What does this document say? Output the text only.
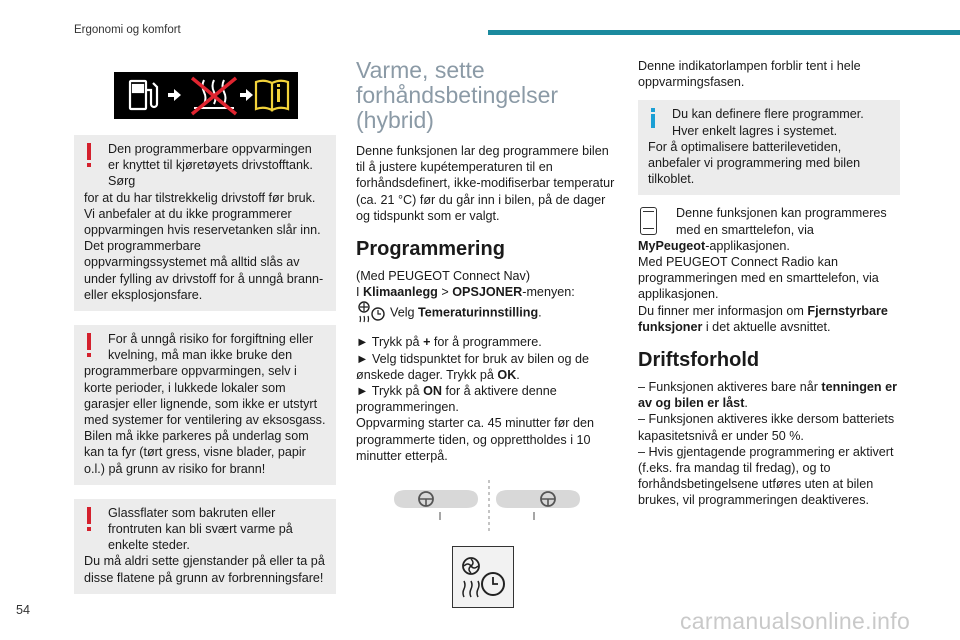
Ergonomi og komfort

Den programmerbare oppvarmingen er knyttet til kjøretøyets drivstofftank. Sørg

for at du har tilstrekkelig drivstoff før bruk. Vi anbefaler at du ikke programmerer oppvarmingen hvis reservetanken slår inn. Det programmerbare oppvarmingssystemet må alltid slås av under fylling av drivstoff for å unngå brann- eller eksplosjonsfare.

For å unngå risiko for forgiftning eller kvelning, må man ikke bruke den

programmerbare oppvarmingen, selv i korte perioder, i lukkede lokaler som garasjer eller lignende, som ikke er utstyrt med systemer for ventilering av eksosgass.

Bilen må ikke parkeres på underlag som kan ta fyr (tørt gress, visne blader, papir o.l.) på grunn av risiko for brann!

Glassflater som bakruten eller frontruten kan bli svært varme på enkelte steder.

Du må aldri sette gjenstander på eller ta på disse flatene på grunn av forbrenningsfare!

Varme, sette forhåndsbetingelser (hybrid)

Denne funksjonen lar deg programmere bilen til å justere kupétemperaturen til en forhåndsdefinert, ikke-modifiserbar temperatur (ca. 21 °C) før du går inn i bilen, på de dager og tidspunkt som er valgt.

Programmering

(Med PEUGEOT Connect Nav)

I Klimaanlegg > OPSJONER-menyen:

Velg Temeraturinnstilling.

► Trykk på + for å programmere.

► Velg tidspunktet for bruk av bilen og de ønskede dager. Trykk på OK.

► Trykk på ON for å aktivere denne programmeringen.

Oppvarming starter ca. 45 minutter før den programmerte tiden, og opprettholdes i 10 minutter etterpå.

Denne indikatorlampen forblir tent i hele oppvarmingsfasen.

Du kan definere flere programmer. Hver enkelt lagres i systemet.

For å optimalisere batterilevetiden, anbefaler vi programmering med bilen tilkoblet.

Denne funksjonen kan programmeres med en smarttelefon, via

MyPeugeot-applikasjonen.

Med PEUGEOT Connect Radio kan programmeringen med en smarttelefon, via applikasjonen.

Du finner mer informasjon om Fjernstyrbare funksjoner i det aktuelle avsnittet.

Driftsforhold

– Funksjonen aktiveres bare når tenningen er av og bilen er låst.

– Funksjonen aktiveres ikke dersom batteriets kapasitetsnivå er under 50 %.

– Hvis gjentagende programmering er aktivert (f.eks. fra mandag til fredag), og to forhåndsbetingelsene utføres uten at bilen brukes, vil programmeringen deaktiveres.

54	carmanualsonline.info
